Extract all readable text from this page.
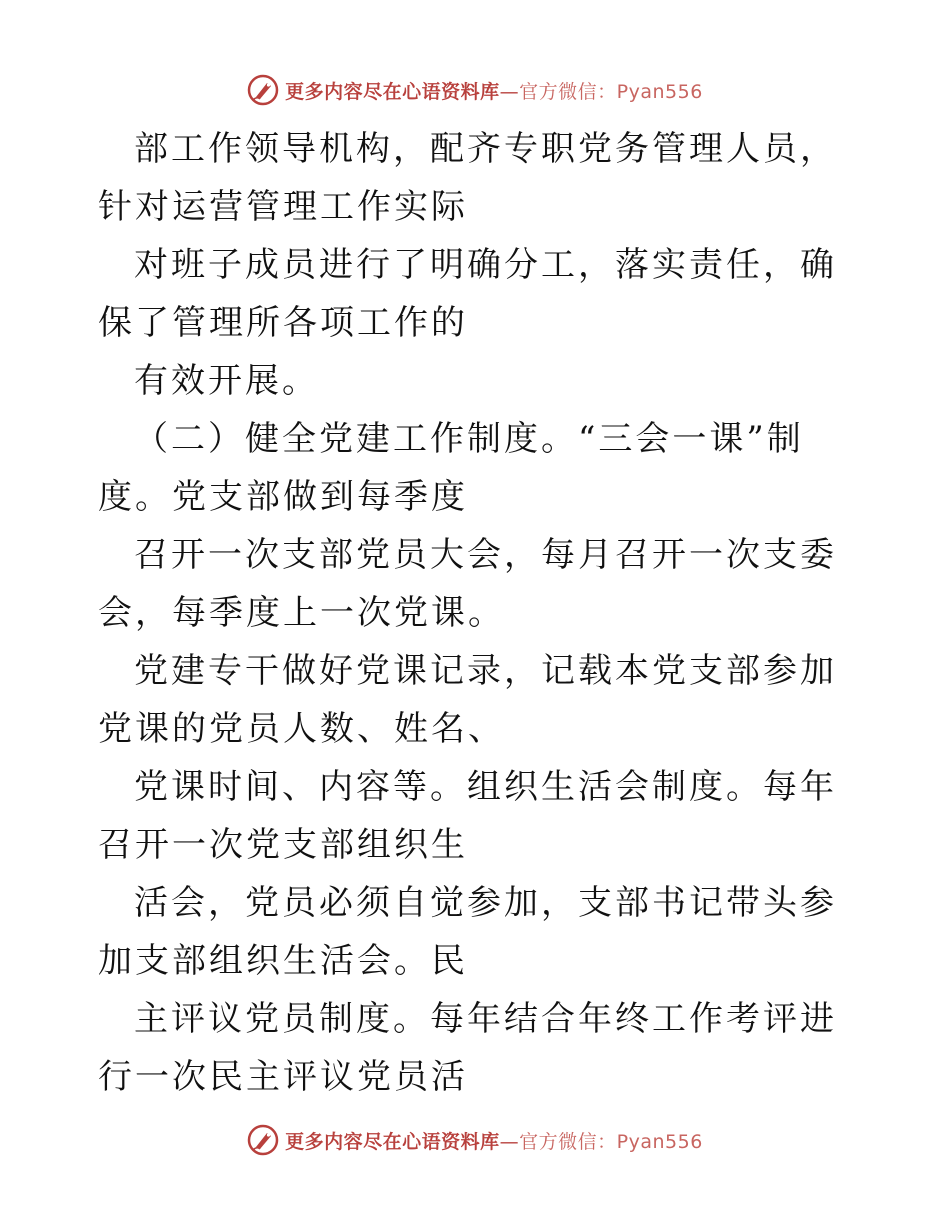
更多内容尽在心语资料库—官方微信：Pyan556

部工作领导机构，配齐专职党务管理人员，针对运营管理工作实际

对班子成员进行了明确分工，落实责任，确保了管理所各项工作的

有效开展。

（二）健全党建工作制度。“三会一课”制度。党支部做到每季度

召开一次支部党员大会，每月召开一次支委会，每季度上一次党课。

党建专干做好党课记录，记载本党支部参加党课的党员人数、姓名、

党课时间、内容等。组织生活会制度。每年召开一次党支部组织生

活会，党员必须自觉参加，支部书记带头参加支部组织生活会。民

主评议党员制度。每年结合年终工作考评进行一次民主评议党员活

更多内容尽在心语资料库—官方微信：Pyan556
